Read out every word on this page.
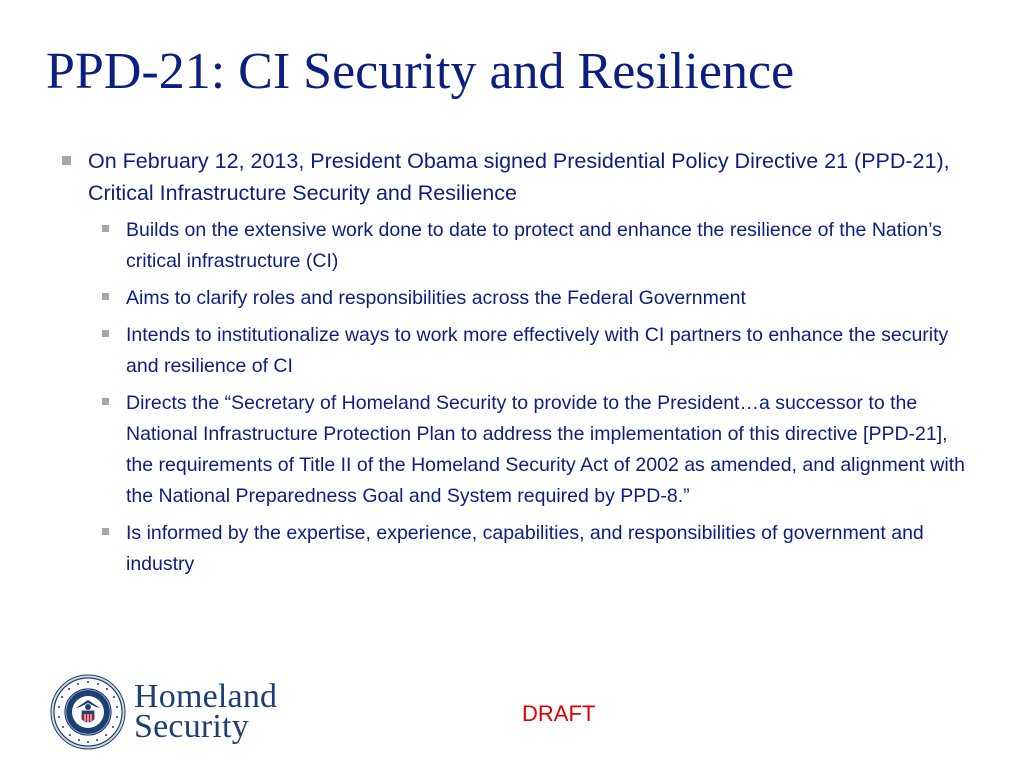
PPD-21: CI Security and Resilience
On February 12, 2013, President Obama signed Presidential Policy Directive 21 (PPD-21), Critical Infrastructure Security and Resilience
Builds on the extensive work done to date to protect and enhance the resilience of the Nation’s critical infrastructure (CI)
Aims to clarify roles and responsibilities across the Federal Government
Intends to institutionalize ways to work more effectively with CI partners to enhance the security and resilience of CI
Directs the “Secretary of Homeland Security to provide to the President…a successor to the National Infrastructure Protection Plan to address the implementation of this directive [PPD-21], the requirements of Title II of the Homeland Security Act of 2002 as amended, and alignment with the National Preparedness Goal and System required by PPD-8.”
Is informed by the expertise, experience, capabilities, and responsibilities of government and industry
Homeland
Security	DRAFT
